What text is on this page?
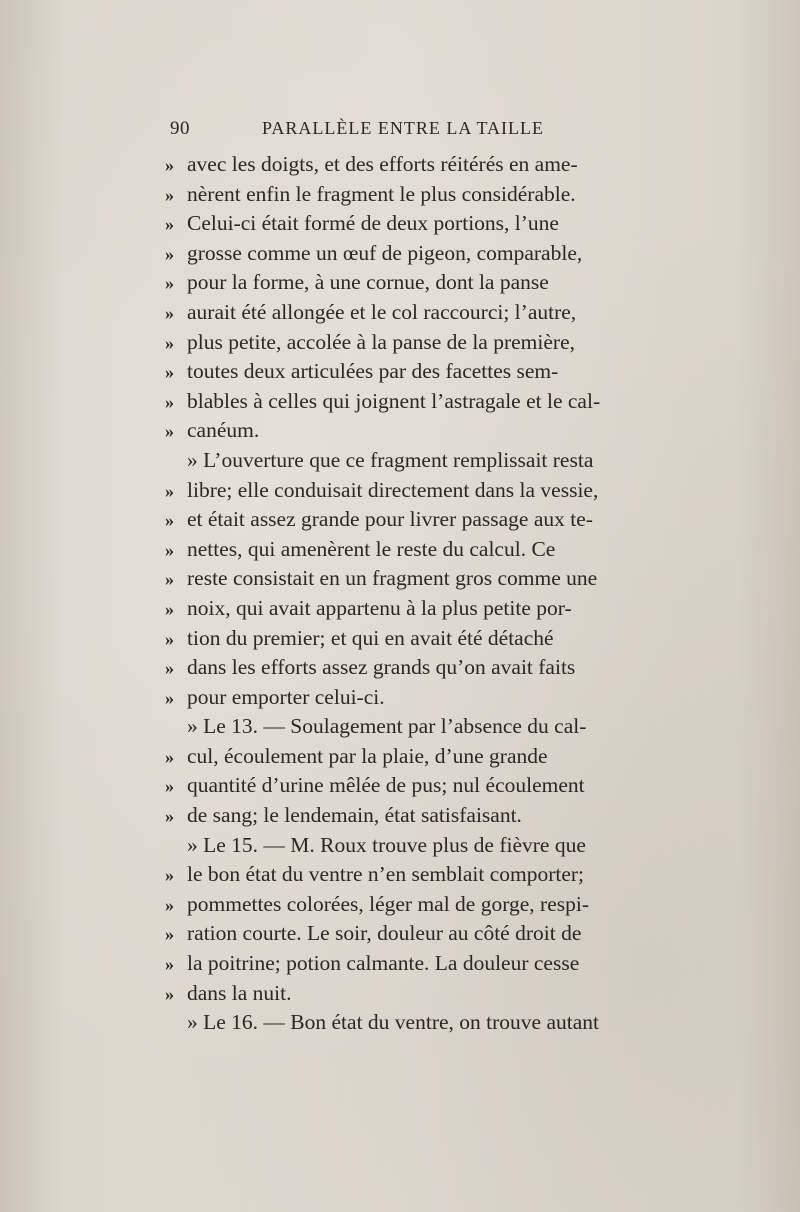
90	PARALLÈLE ENTRE LA TAILLE
» avec les doigts, et des efforts réitérés en ame-
» nèrent enfin le fragment le plus considérable.
» Celui-ci était formé de deux portions, l’une
» grosse comme un œuf de pigeon, comparable,
» pour la forme, à une cornue, dont la panse
» aurait été allongée et le col raccourci; l’autre,
» plus petite, accolée à la panse de la première,
» toutes deux articulées par des facettes sem-
» blables à celles qui joignent l’astragale et le cal-
» canéum.
» L’ouverture que ce fragment remplissait resta
» libre; elle conduisait directement dans la vessie,
» et était assez grande pour livrer passage aux te-
» nettes, qui amenèrent le reste du calcul. Ce
» reste consistait en un fragment gros comme une
» noix, qui avait appartenu à la plus petite por-
» tion du premier; et qui en avait été détaché
» dans les efforts assez grands qu’on avait faits
» pour emporter celui-ci.
» Le 13. — Soulagement par l’absence du cal-
» cul, écoulement par la plaie, d’une grande
» quantité d’urine mêlée de pus; nul écoulement
» de sang; le lendemain, état satisfaisant.
» Le 15. — M. Roux trouve plus de fièvre que
» le bon état du ventre n’en semblait comporter;
» pommettes colorées, léger mal de gorge, respi-
» ration courte. Le soir, douleur au côté droit de
» la poitrine; potion calmante. La douleur cesse
» dans la nuit.
» Le 16. — Bon état du ventre, on trouve autant
